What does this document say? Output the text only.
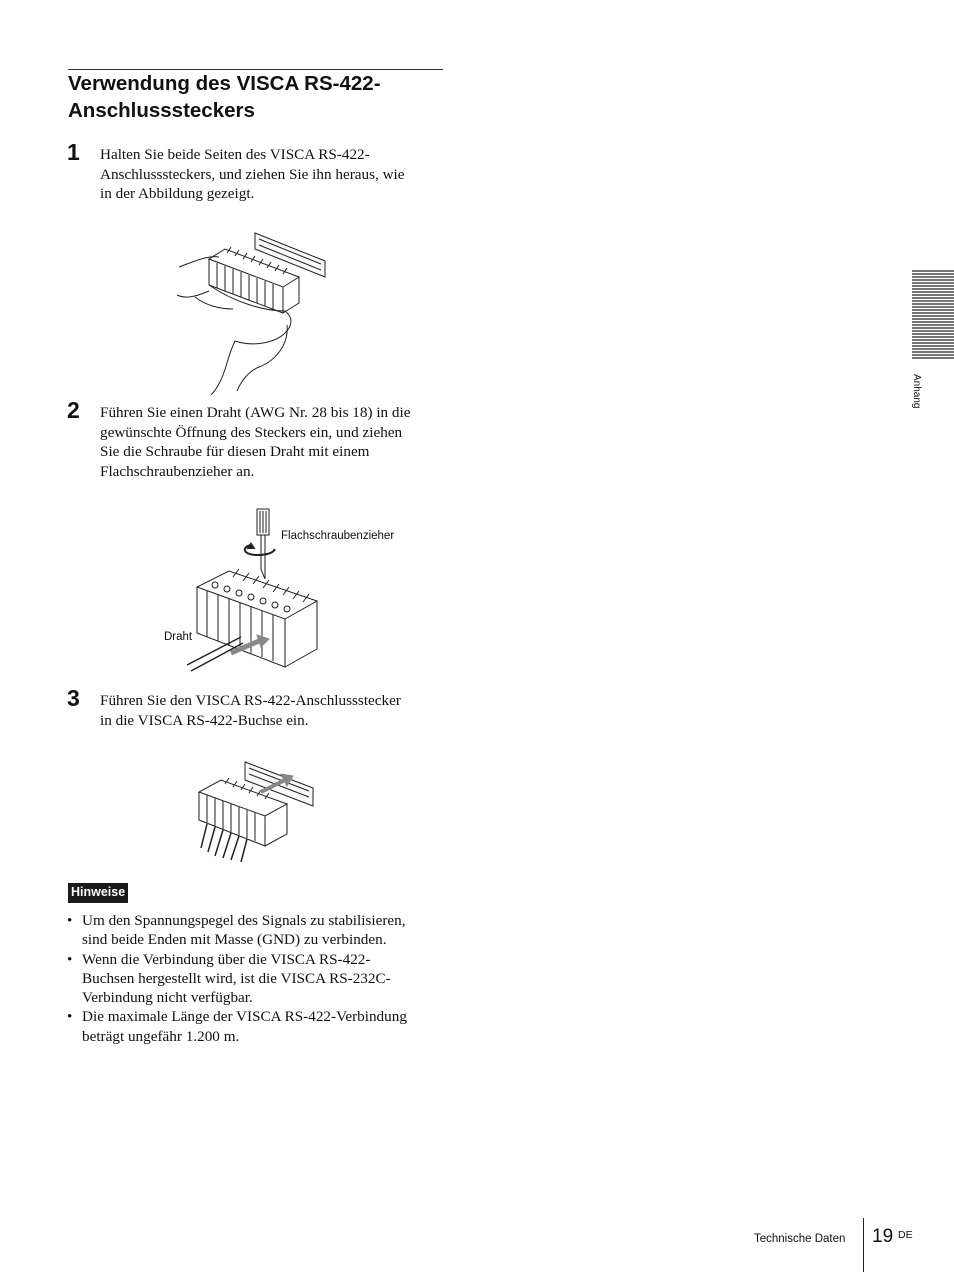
Verwendung des VISCA RS-422-
Anschlusssteckers
1 Halten Sie beide Seiten des VISCA RS-422-
Anschlusssteckers, und ziehen Sie ihn heraus, wie
in der Abbildung gezeigt.
2 Führen Sie einen Draht (AWG Nr. 28 bis 18) in die
gewünschte Öffnung des Steckers ein, und ziehen
Sie die Schraube für diesen Draht mit einem
Flachschraubenzieher an.
Flachschraubenzieher
Draht
3 Führen Sie den VISCA RS-422-Anschlussstecker
in die VISCA RS-422-Buchse ein.
Hinweise
• Um den Spannungspegel des Signals zu stabilisieren,
sind beide Enden mit Masse (GND) zu verbinden.
• Wenn die Verbindung über die VISCA RS-422-
Buchsen hergestellt wird, ist die VISCA RS-232C-
Verbindung nicht verfügbar.
• Die maximale Länge der VISCA RS-422-Verbindung
beträgt ungefähr 1.200 m.
Anhang
Technische Daten 19 DE
